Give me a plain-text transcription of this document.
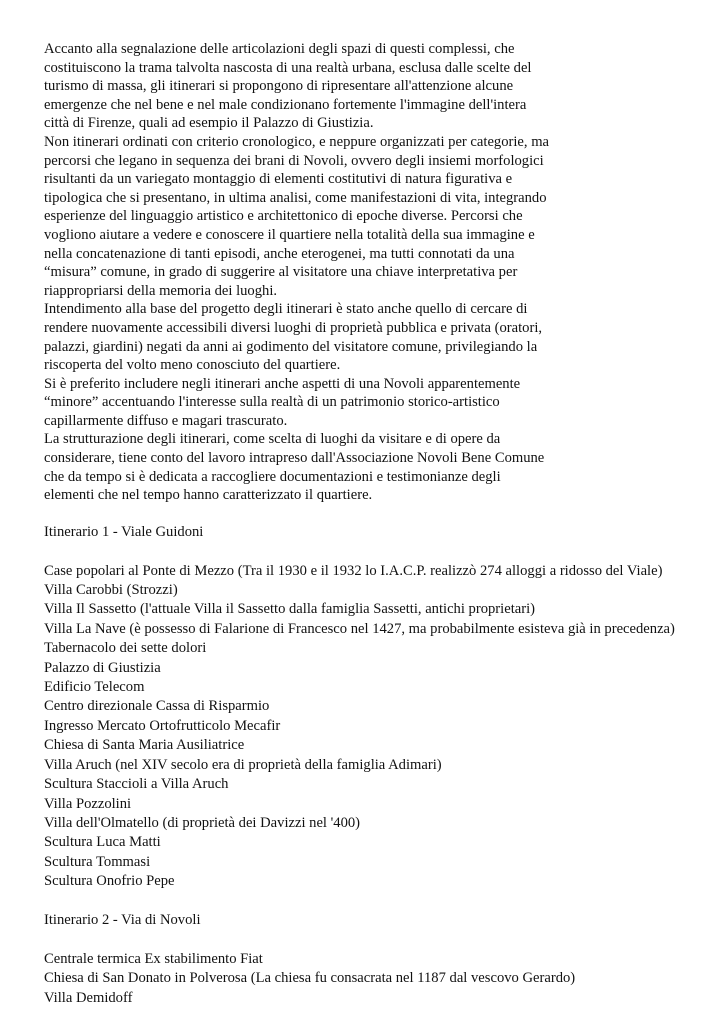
Accanto alla segnalazione delle articolazioni degli spazi di questi complessi, che
costituiscono la trama talvolta nascosta di una realtà urbana, esclusa dalle scelte del
turismo di massa, gli itinerari si propongono di ripresentare all'attenzione alcune
emergenze che nel bene e nel male condizionano fortemente l'immagine dell'intera
città di Firenze, quali ad esempio il Palazzo di Giustizia.
Non itinerari ordinati con criterio cronologico, e neppure organizzati per categorie, ma
percorsi che legano in sequenza dei brani di Novoli, ovvero degli insiemi morfologici
risultanti da un variegato montaggio di elementi costitutivi di natura figurativa e
tipologica che si presentano, in ultima analisi, come manifestazioni di vita, integrando
esperienze del linguaggio artistico e architettonico di epoche diverse. Percorsi che
vogliono aiutare a vedere e conoscere il quartiere nella totalità della sua immagine e
nella concatenazione di tanti episodi, anche eterogenei, ma tutti connotati da una
“misura” comune, in grado di suggerire al visitatore una chiave interpretativa per
riappropriarsi della memoria dei luoghi.
Intendimento alla base del progetto degli itinerari è stato anche quello di cercare di
rendere nuovamente accessibili diversi luoghi di proprietà pubblica e privata (oratori,
palazzi, giardini) negati da anni ai godimento del visitatore comune, privilegiando la
riscoperta del volto meno conosciuto del quartiere.
Si è preferito includere negli itinerari anche aspetti di una Novoli apparentemente
“minore” accentuando l'interesse sulla realtà di un patrimonio storico-artistico
capillarmente diffuso e magari trascurato.
La strutturazione degli itinerari, come scelta di luoghi da visitare e di opere da
considerare, tiene conto del lavoro intrapreso dall'Associazione Novoli Bene Comune
che da tempo si è dedicata a raccogliere documentazioni e testimonianze degli
elementi che nel tempo hanno caratterizzato il quartiere.
Itinerario 1 - Viale Guidoni
Case popolari al Ponte di Mezzo (Tra il 1930 e il 1932 lo I.A.C.P. realizzò 274 alloggi a ridosso del Viale)
Villa Carobbi (Strozzi)
Villa Il Sassetto (l'attuale Villa il Sassetto dalla famiglia Sassetti, antichi proprietari)
Villa La Nave (è possesso di Falarione di Francesco nel 1427, ma probabilmente esisteva già in precedenza)
Tabernacolo dei sette dolori
Palazzo di Giustizia
Edificio Telecom
Centro direzionale Cassa di Risparmio
Ingresso Mercato Ortofrutticolo Mecafir
Chiesa di Santa Maria Ausiliatrice
Villa Aruch (nel XIV secolo era di proprietà della famiglia Adimari)
Scultura Staccioli a Villa Aruch
Villa Pozzolini
Villa dell'Olmatello (di proprietà dei Davizzi nel '400)
Scultura Luca Matti
Scultura Tommasi
Scultura Onofrio Pepe
Itinerario 2 - Via di Novoli
Centrale termica Ex stabilimento Fiat
Chiesa di San Donato in Polverosa (La chiesa fu consacrata nel 1187 dal vescovo Gerardo)
Villa Demidoff
